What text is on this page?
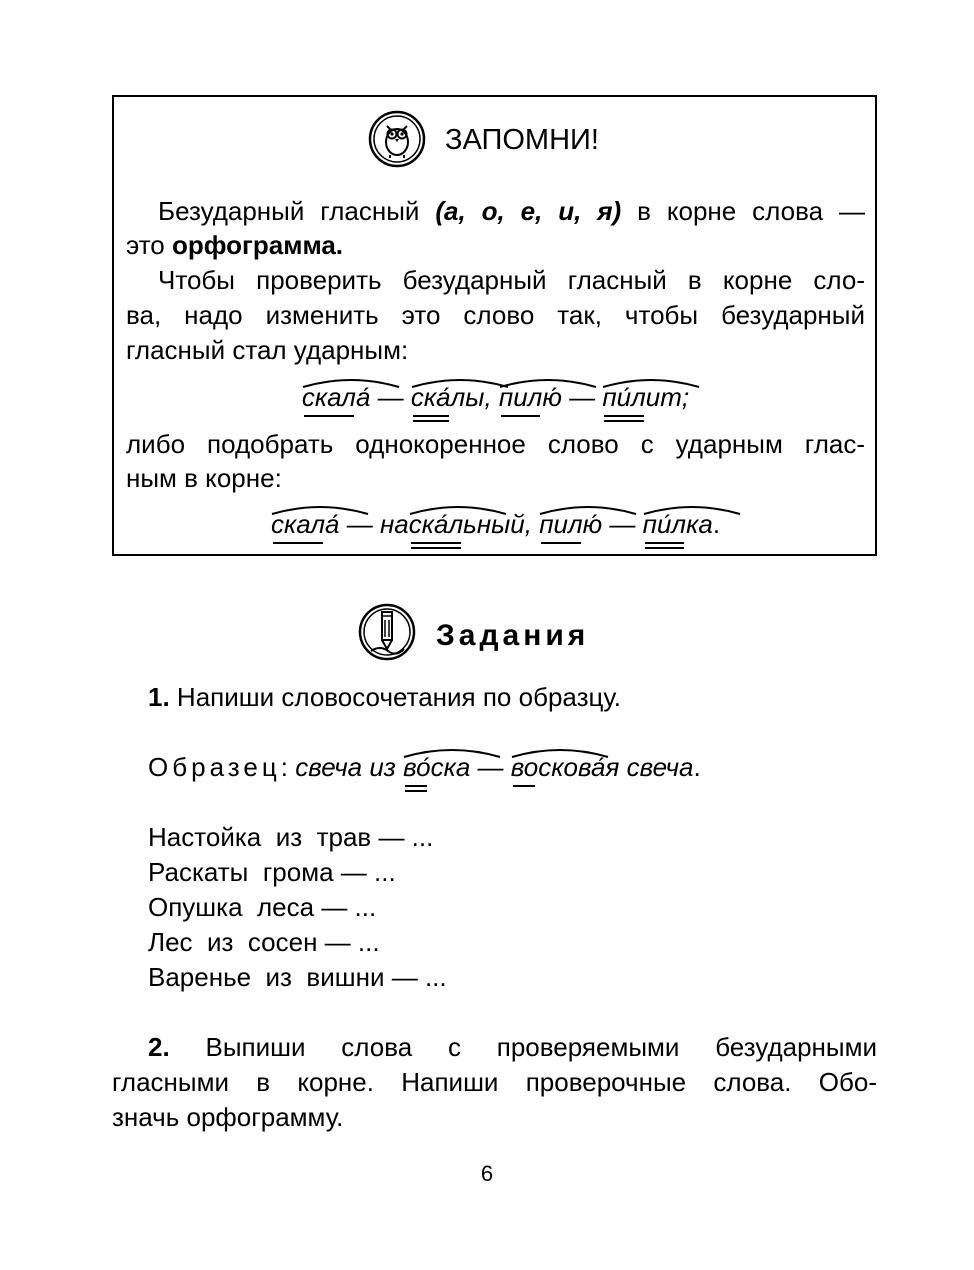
ЗАПОМНИ!
Безударный гласный (а, о, е, и, я) в корне слова —
это орфограмма.
Чтобы проверить безударный гласный в корне сло-
ва, надо изменить это слово так, чтобы безударный
гласный стал ударным:
скала́ —
ска́лы,
пилю́ —
пи́лит;
либо подобрать однокоренное слово с ударным глас-
ным в корне:
скала́ — на
ска́льный,
пилю́ —
пи́лка.
Задания
1. Напиши словосочетания по образцу.
Образец: свеча из
во́ска —
воскова́я свеча.
Настойка  из  трав — ...
Раскаты  грома — ...
Опушка  леса — ...
Лес  из  сосен — ...
Варенье  из  вишни — ...
2. Выпиши слова с проверяемыми безударными
гласными в корне. Напиши проверочные слова. Обо-
значь орфограмму.
6
